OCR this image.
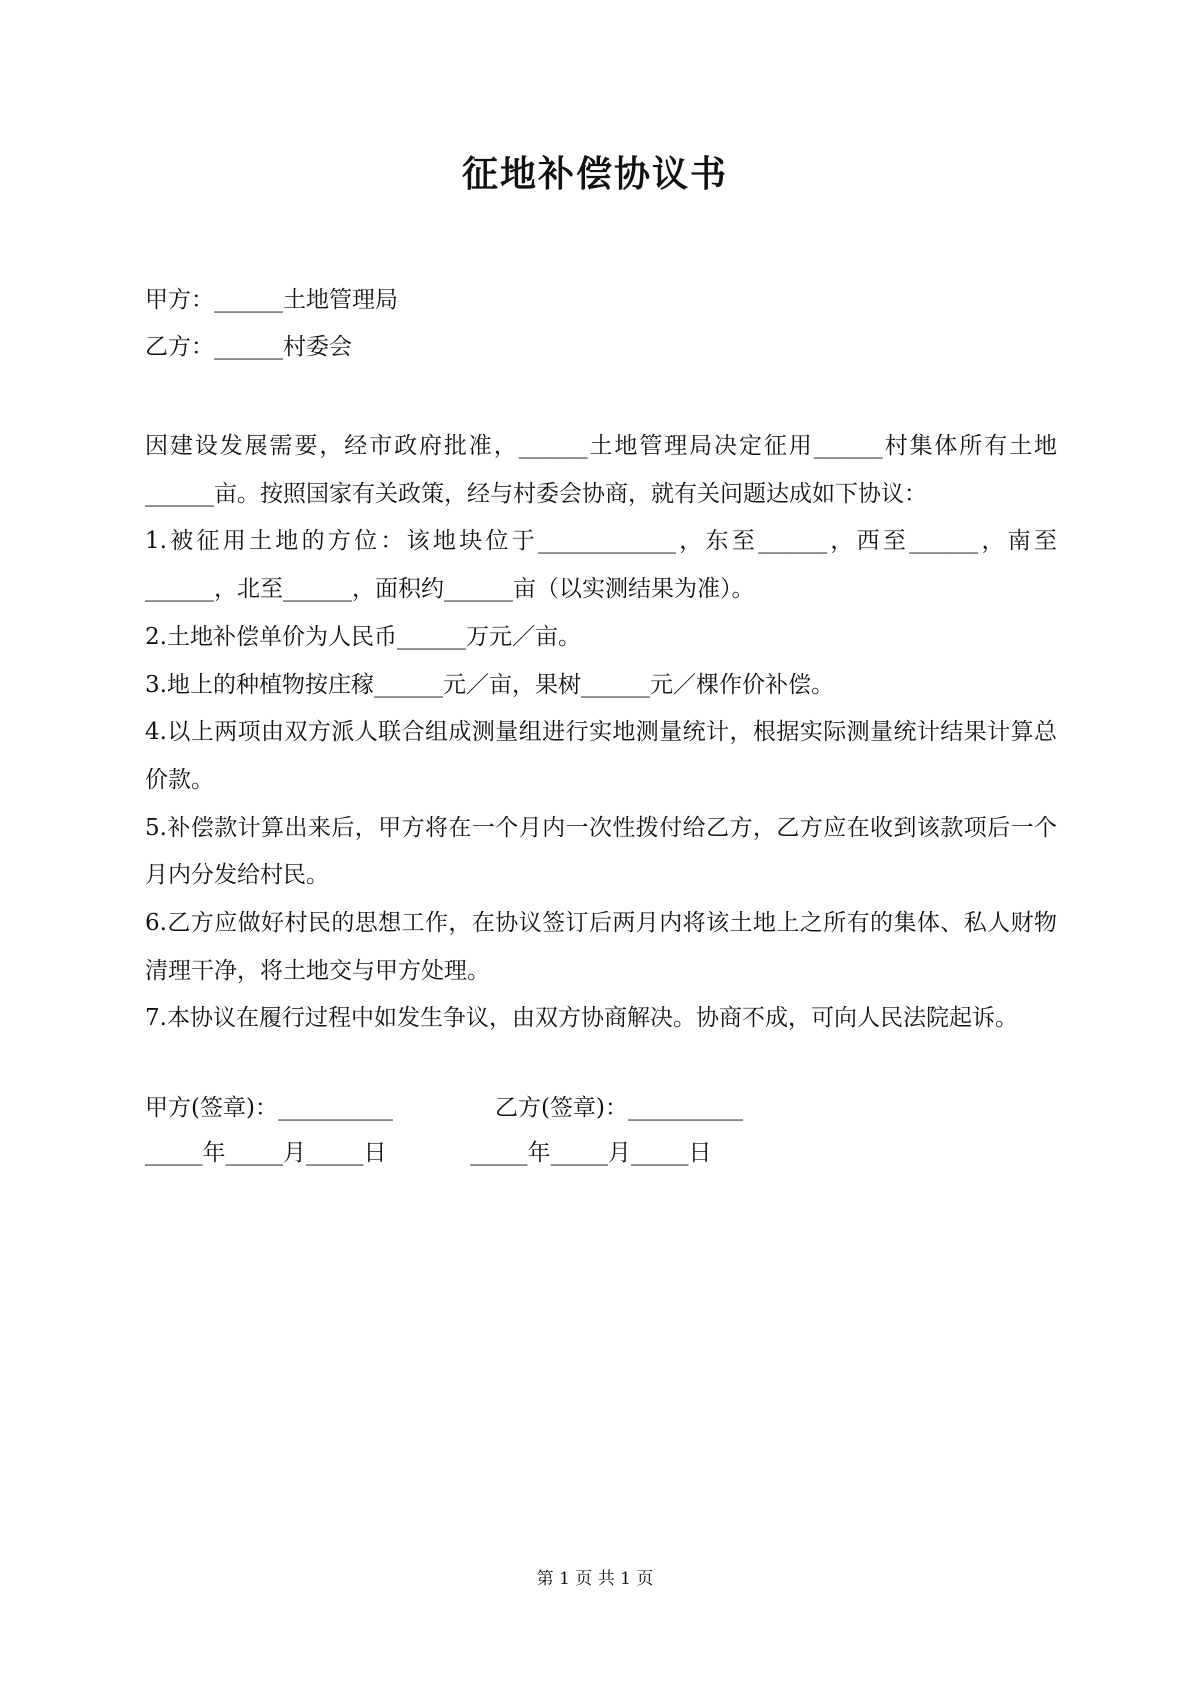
征地补偿协议书
甲方：______土地管理局
乙方：______村委会

因建设发展需要，经市政府批准，______土地管理局决定征用______村集体所有土地______亩。按照国家有关政策，经与村委会协商，就有关问题达成如下协议：

1.被征用土地的方位：该地块位于____________，东至______，西至______，南至______，北至______，面积约______亩（以实测结果为准）。

2.土地补偿单价为人民币______万元／亩。

3.地上的种植物按庄稼______元／亩，果树______元／棵作价补偿。

4.以上两项由双方派人联合组成测量组进行实地测量统计，根据实际测量统计结果计算总价款。

5.补偿款计算出来后，甲方将在一个月内一次性拨付给乙方，乙方应在收到该款项后一个月内分发给村民。

6.乙方应做好村民的思想工作，在协议签订后两月内将该土地上之所有的集体、私人财物清理干净，将土地交与甲方处理。

7.本协议在履行过程中如发生争议，由双方协商解决。协商不成，可向人民法院起诉。

甲方(签章)：__________	乙方(签章)：__________
_____年_____月_____日	_____年_____月_____日
第 1 页 共 1 页
